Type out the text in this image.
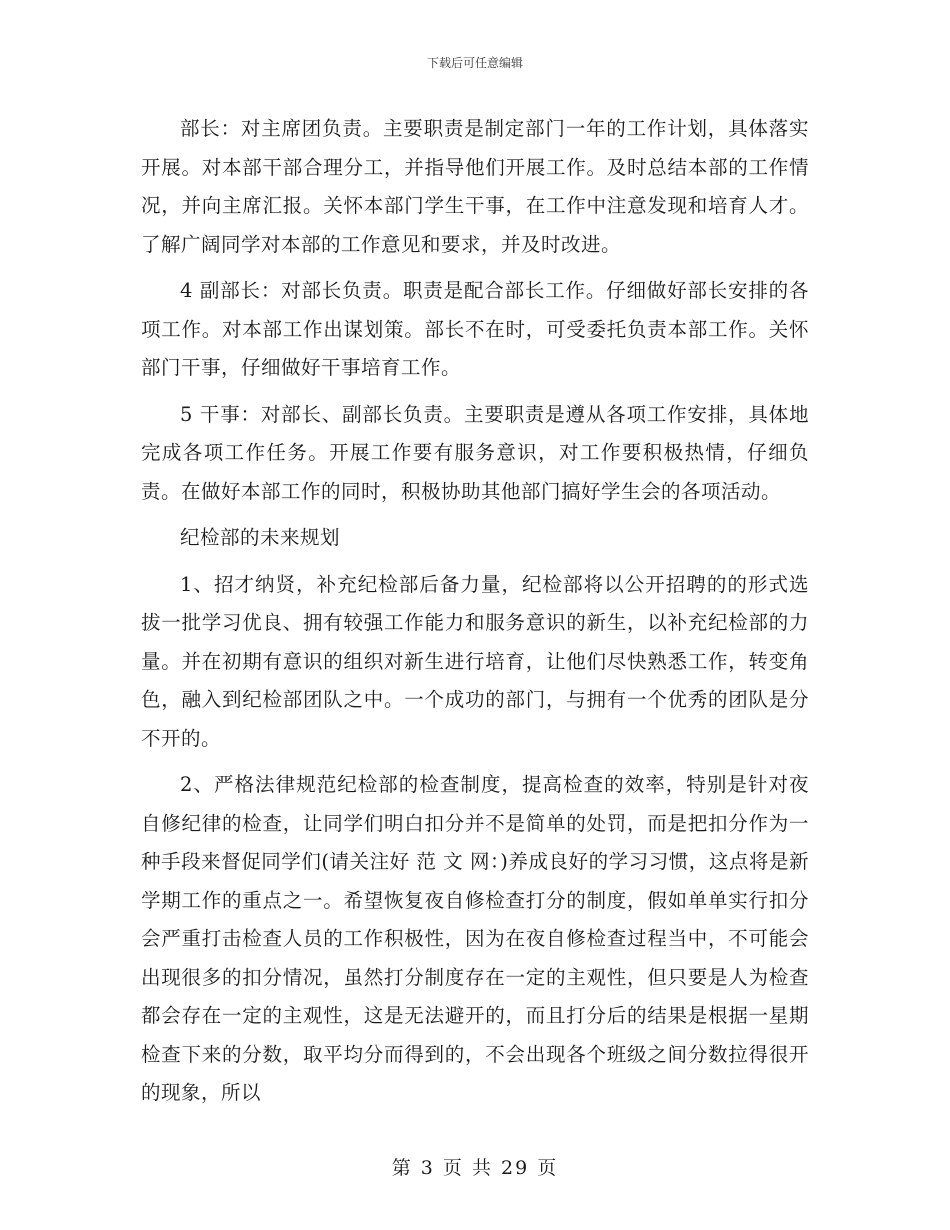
下载后可任意编辑

部长：对主席团负责。主要职责是制定部门一年的工作计划，具体落实开展。对本部干部合理分工，并指导他们开展工作。及时总结本部的工作情况，并向主席汇报。关怀本部门学生干事，在工作中注意发现和培育人才。了解广阔同学对本部的工作意见和要求，并及时改进。

4 副部长：对部长负责。职责是配合部长工作。仔细做好部长安排的各项工作。对本部工作出谋划策。部长不在时，可受委托负责本部工作。关怀部门干事，仔细做好干事培育工作。

5 干事：对部长、副部长负责。主要职责是遵从各项工作安排，具体地完成各项工作任务。开展工作要有服务意识，对工作要积极热情，仔细负责。在做好本部工作的同时，积极协助其他部门搞好学生会的各项活动。

纪检部的未来规划

1、招才纳贤，补充纪检部后备力量，纪检部将以公开招聘的的形式选拔一批学习优良、拥有较强工作能力和服务意识的新生，以补充纪检部的力量。并在初期有意识的组织对新生进行培育，让他们尽快熟悉工作，转变角色，融入到纪检部团队之中。一个成功的部门，与拥有一个优秀的团队是分不开的。

2、严格法律规范纪检部的检查制度，提高检查的效率，特别是针对夜自修纪律的检查，让同学们明白扣分并不是简单的处罚，而是把扣分作为一种手段来督促同学们(请关注好 范 文 网：)养成良好的学习习惯，这点将是新学期工作的重点之一。希望恢复夜自修检查打分的制度，假如单单实行扣分会严重打击检查人员的工作积极性，因为在夜自修检查过程当中，不可能会出现很多的扣分情况，虽然打分制度存在一定的主观性，但只要是人为检查都会存在一定的主观性，这是无法避开的，而且打分后的结果是根据一星期检查下来的分数，取平均分而得到的，不会出现各个班级之间分数拉得很开的现象，所以

第 3 页 共 29 页
